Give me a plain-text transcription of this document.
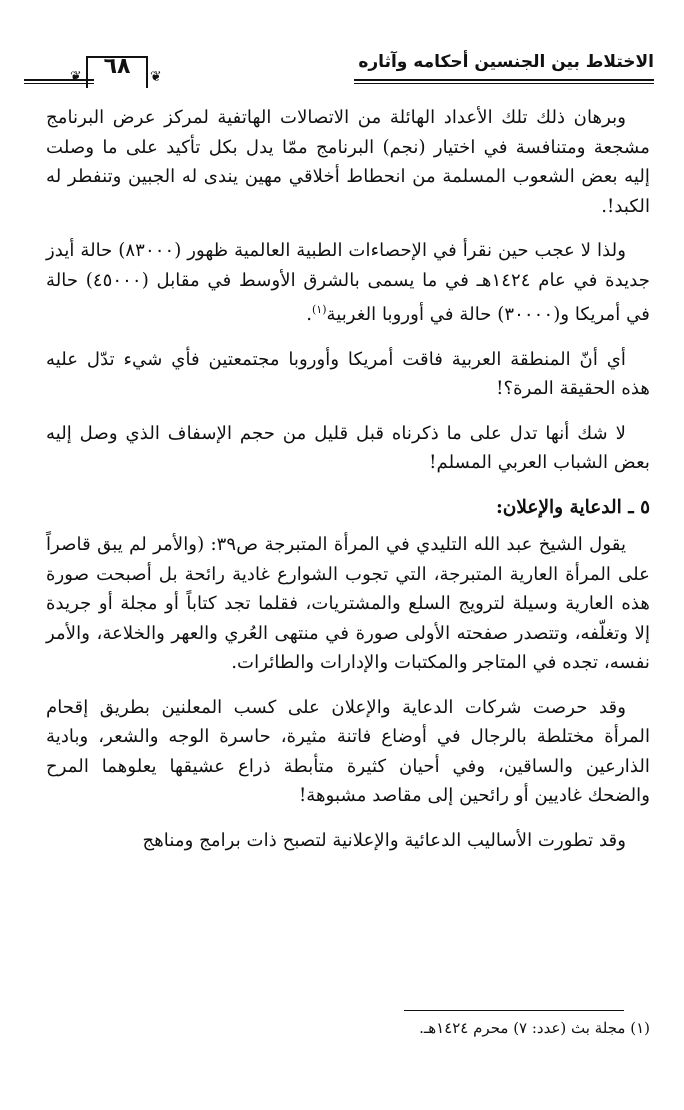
الاختلاط بين الجنسين أحكامه وآثاره
❦
٦٨
❦

وبرهان ذلك تلك الأعداد الهائلة من الاتصالات الهاتفية لمركز عرض البرنامج مشجعة ومتنافسة في اختيار (نجم) البرنامج ممّا يدل بكل تأكيد على ما وصلت إليه بعض الشعوب المسلمة من انحطاط أخلاقي مهين يندى له الجبين وتنفطر له الكبد!.

ولذا لا عجب حين نقرأ في الإحصاءات الطبية العالمية ظهور (٨٣٠٠٠) حالة أيدز جديدة في عام ١٤٢٤هـ في ما يسمى بالشرق الأوسط في مقابل (٤٥٠٠٠) حالة في أمريكا و(٣٠٠٠٠) حالة في أوروبا الغربية$^{(١)}$.

أي أنّ المنطقة العربية فاقت أمريكا وأوروبا مجتمعتين فأي شيء تدّل عليه هذه الحقيقة المرة؟!

لا شك أنها تدل على ما ذكرناه قبل قليل من حجم الإسفاف الذي وصل إليه بعض الشباب العربي المسلم!

٥ ـ الدعاية والإعلان:

يقول الشيخ عبد الله التليدي في المرأة المتبرجة ص٣٩: (والأمر لم يبق قاصراً على المرأة العارية المتبرجة، التي تجوب الشوارع غادية رائحة بل أصبحت صورة هذه العارية وسيلة لترويج السلع والمشتريات، فقلما تجد كتاباً أو مجلة أو جريدة إلا وتغلّفه، وتتصدر صفحته الأولى صورة في منتهى العُري والعهر والخلاعة، والأمر نفسه، تجده في المتاجر والمكتبات والإدارات والطائرات.

وقد حرصت شركات الدعاية والإعلان على كسب المعلنين بطريق إقحام المرأة مختلطة بالرجال في أوضاع فاتنة مثيرة، حاسرة الوجه والشعر، وبادية الذارعين والساقين، وفي أحيان كثيرة متأبطة ذراع عشيقها يعلوهما المرح والضحك غاديين أو رائحين إلى مقاصد مشبوهة!

وقد تطورت الأساليب الدعائية والإعلانية لتصبح ذات برامج ومناهج

(١) مجلة بث (عدد: ٧) محرم ١٤٢٤هـ.
